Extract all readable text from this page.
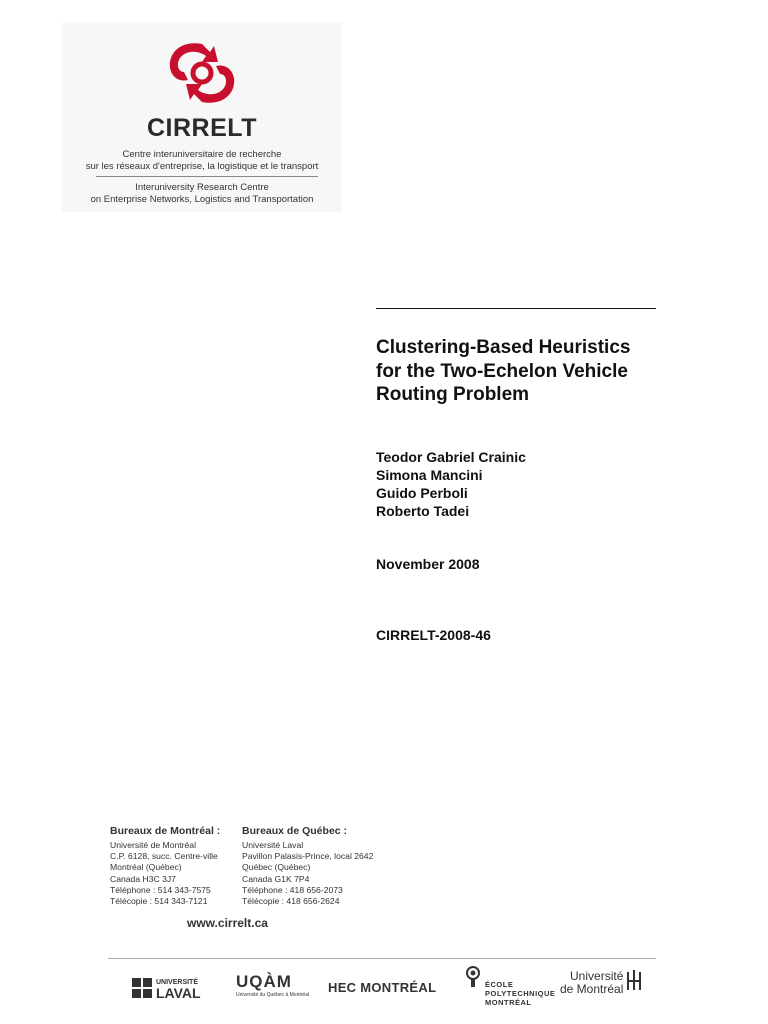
CIRRELT
Centre interuniversitaire de recherche
sur les réseaux d'entreprise, la logistique et le transport
Interuniversity Research Centre
on Enterprise Networks, Logistics and Transportation
Clustering-Based Heuristics
for the Two-Echelon Vehicle
Routing Problem
Teodor Gabriel Crainic
Simona Mancini
Guido Perboli
Roberto Tadei
November 2008
CIRRELT-2008-46
Bureaux de Montréal :
Université de Montréal
C.P. 6128, succ. Centre-ville
Montréal (Québec)
Canada H3C 3J7
Téléphone : 514 343-7575
Télécopie : 514 343-7121
Bureaux de Québec :
Université Laval
Pavillon Palasis-Prince, local 2642
Québec (Québec)
Canada G1K 7P4
Téléphone : 418 656-2073
Télécopie : 418 656-2624
www.cirrelt.ca
UNIVERSITÉ
LAVAL
UQÀM
Université du Québec à Montréal HEC MONTRÉAL	ÉCOLE
POLYTECHNIQUE
MONTRÉAL
Université
de Montréal
